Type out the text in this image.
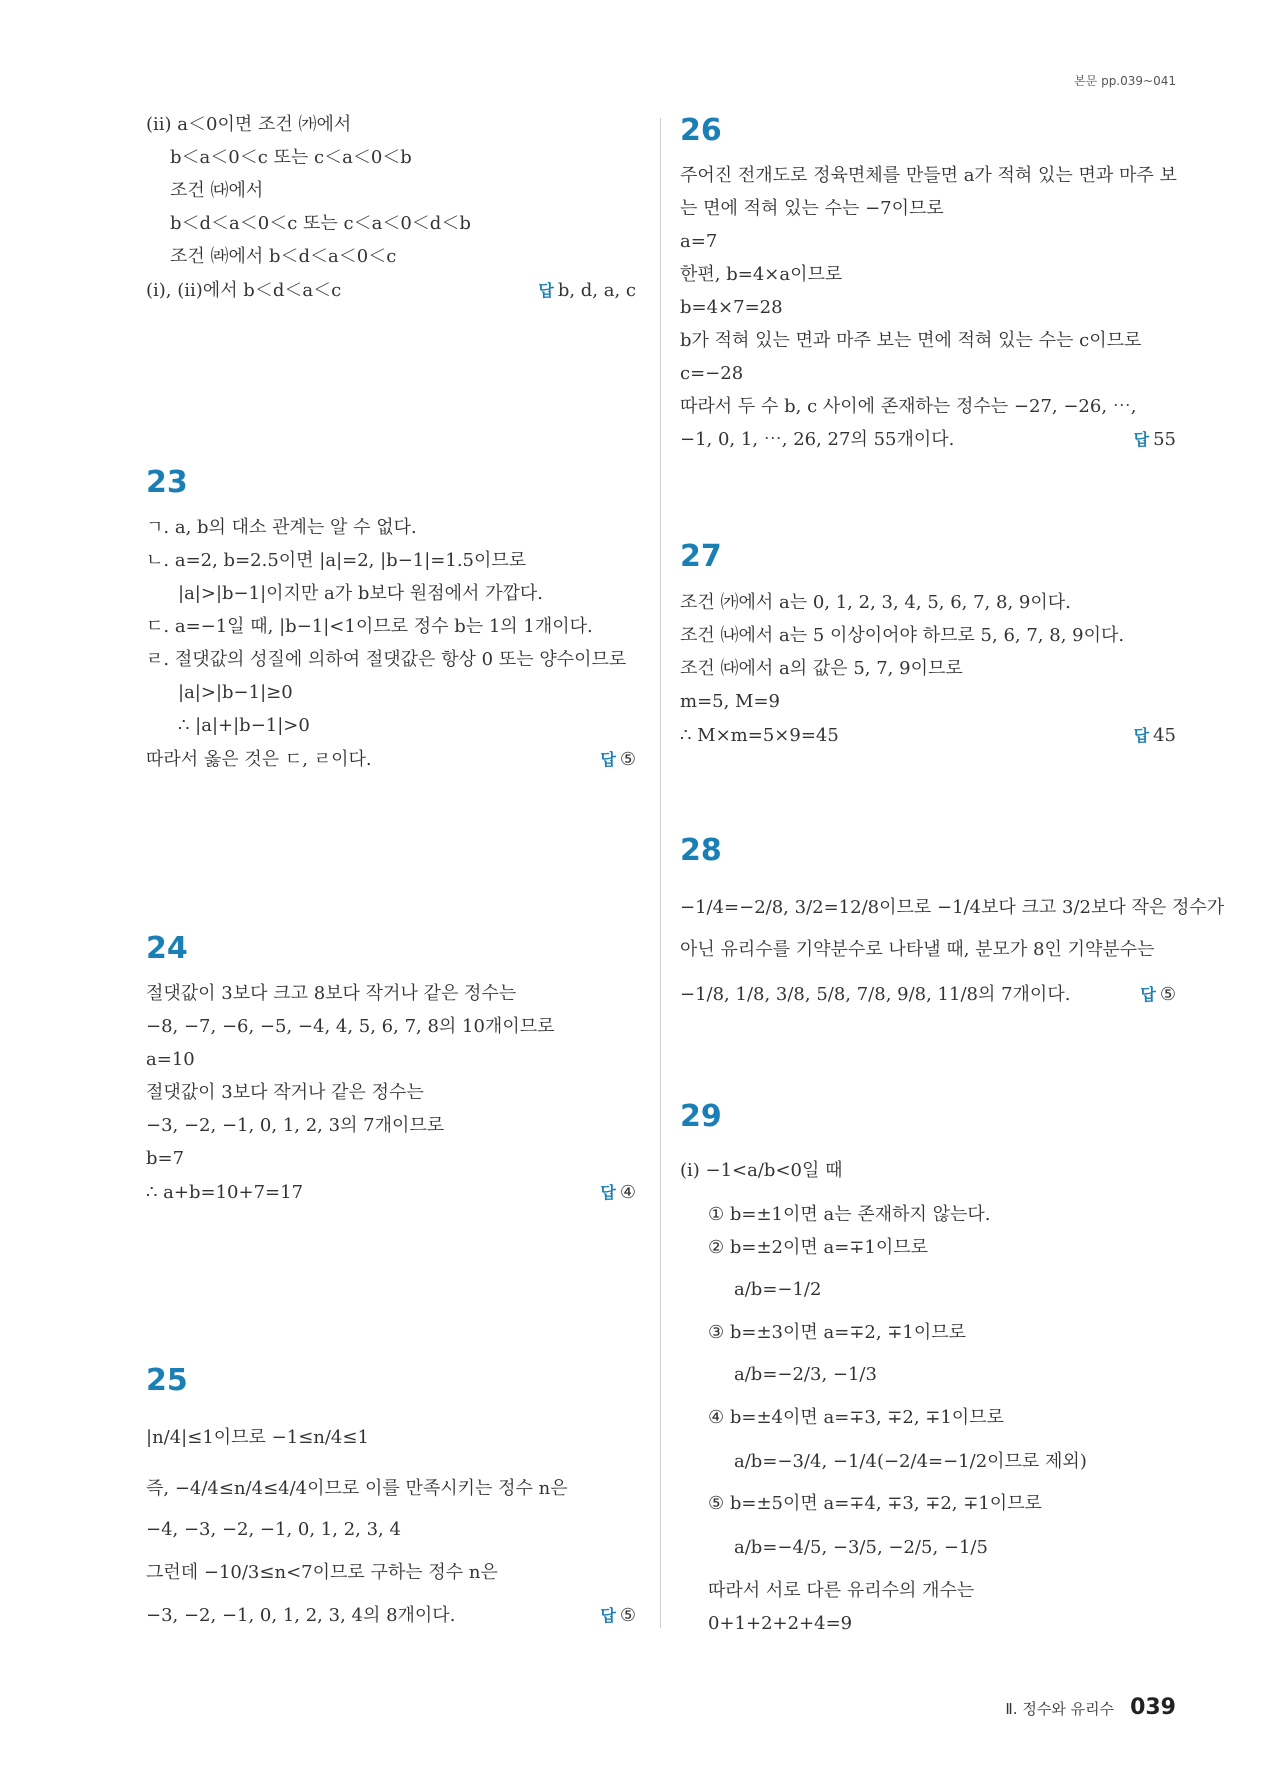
본문 pp.039~041
(ⅱ) a＜0이면 조건 ㈎에서
b＜a＜0＜c 또는 c＜a＜0＜b
조건 ㈐에서
b＜d＜a＜0＜c 또는 c＜a＜0＜d＜b
조건 ㈑에서 b＜d＜a＜0＜c
(ⅰ), (ⅱ)에서 b＜d＜a＜c	답 b, d, a, c
23
ㄱ. a, b의 대소 관계는 알 수 없다.
ㄴ. a=2, b=2.5이면 |a|=2, |b−1|=1.5이므로
|a|>|b−1|이지만 a가 b보다 원점에서 가깝다.
ㄷ. a=−1일 때, |b−1|<1이므로 정수 b는 1의 1개이다.
ㄹ. 절댓값의 성질에 의하여 절댓값은 항상 0 또는 양수이므로
|a|>|b−1|≥0
∴ |a|+|b−1|>0
따라서 옳은 것은 ㄷ, ㄹ이다.	답 ⑤
24
절댓값이 3보다 크고 8보다 작거나 같은 정수는
−8, −7, −6, −5, −4, 4, 5, 6, 7, 8의 10개이므로
a=10
절댓값이 3보다 작거나 같은 정수는
−3, −2, −1, 0, 1, 2, 3의 7개이므로
b=7
∴ a+b=10+7=17	답 ④
25
|n/4|≤1이므로 −1≤n/4≤1
즉, −4/4≤n/4≤4/4이므로 이를 만족시키는 정수 n은
−4, −3, −2, −1, 0, 1, 2, 3, 4
그런데 −10/3≤n<7이므로 구하는 정수 n은
−3, −2, −1, 0, 1, 2, 3, 4의 8개이다.	답 ⑤
26
주어진 전개도로 정육면체를 만들면 a가 적혀 있는 면과 마주 보
는 면에 적혀 있는 수는 −7이므로
a=7
한편, b=4×a이므로
b=4×7=28
b가 적혀 있는 면과 마주 보는 면에 적혀 있는 수는 c이므로
c=−28
따라서 두 수 b, c 사이에 존재하는 정수는 −27, −26, ⋯,
−1, 0, 1, ⋯, 26, 27의 55개이다.	답 55
27
조건 ㈎에서 a는 0, 1, 2, 3, 4, 5, 6, 7, 8, 9이다.
조건 ㈏에서 a는 5 이상이어야 하므로 5, 6, 7, 8, 9이다.
조건 ㈐에서 a의 값은 5, 7, 9이므로
m=5, M=9
∴ M×m=5×9=45	답 45
28
−1/4=−2/8, 3/2=12/8이므로 −1/4보다 크고 3/2보다 작은 정수가
아닌 유리수를 기약분수로 나타낼 때, 분모가 8인 기약분수는
−1/8, 1/8, 3/8, 5/8, 7/8, 9/8, 11/8의 7개이다.	답 ⑤
29
(ⅰ) −1<a/b<0일 때
① b=±1이면 a는 존재하지 않는다.
② b=±2이면 a=∓1이므로
a/b=−1/2
③ b=±3이면 a=∓2, ∓1이므로
a/b=−2/3, −1/3
④ b=±4이면 a=∓3, ∓2, ∓1이므로
a/b=−3/4, −1/4(−2/4=−1/2이므로 제외)
⑤ b=±5이면 a=∓4, ∓3, ∓2, ∓1이므로
a/b=−4/5, −3/5, −2/5, −1/5
따라서 서로 다른 유리수의 개수는
0+1+2+2+4=9
Ⅱ. 정수와 유리수 039
